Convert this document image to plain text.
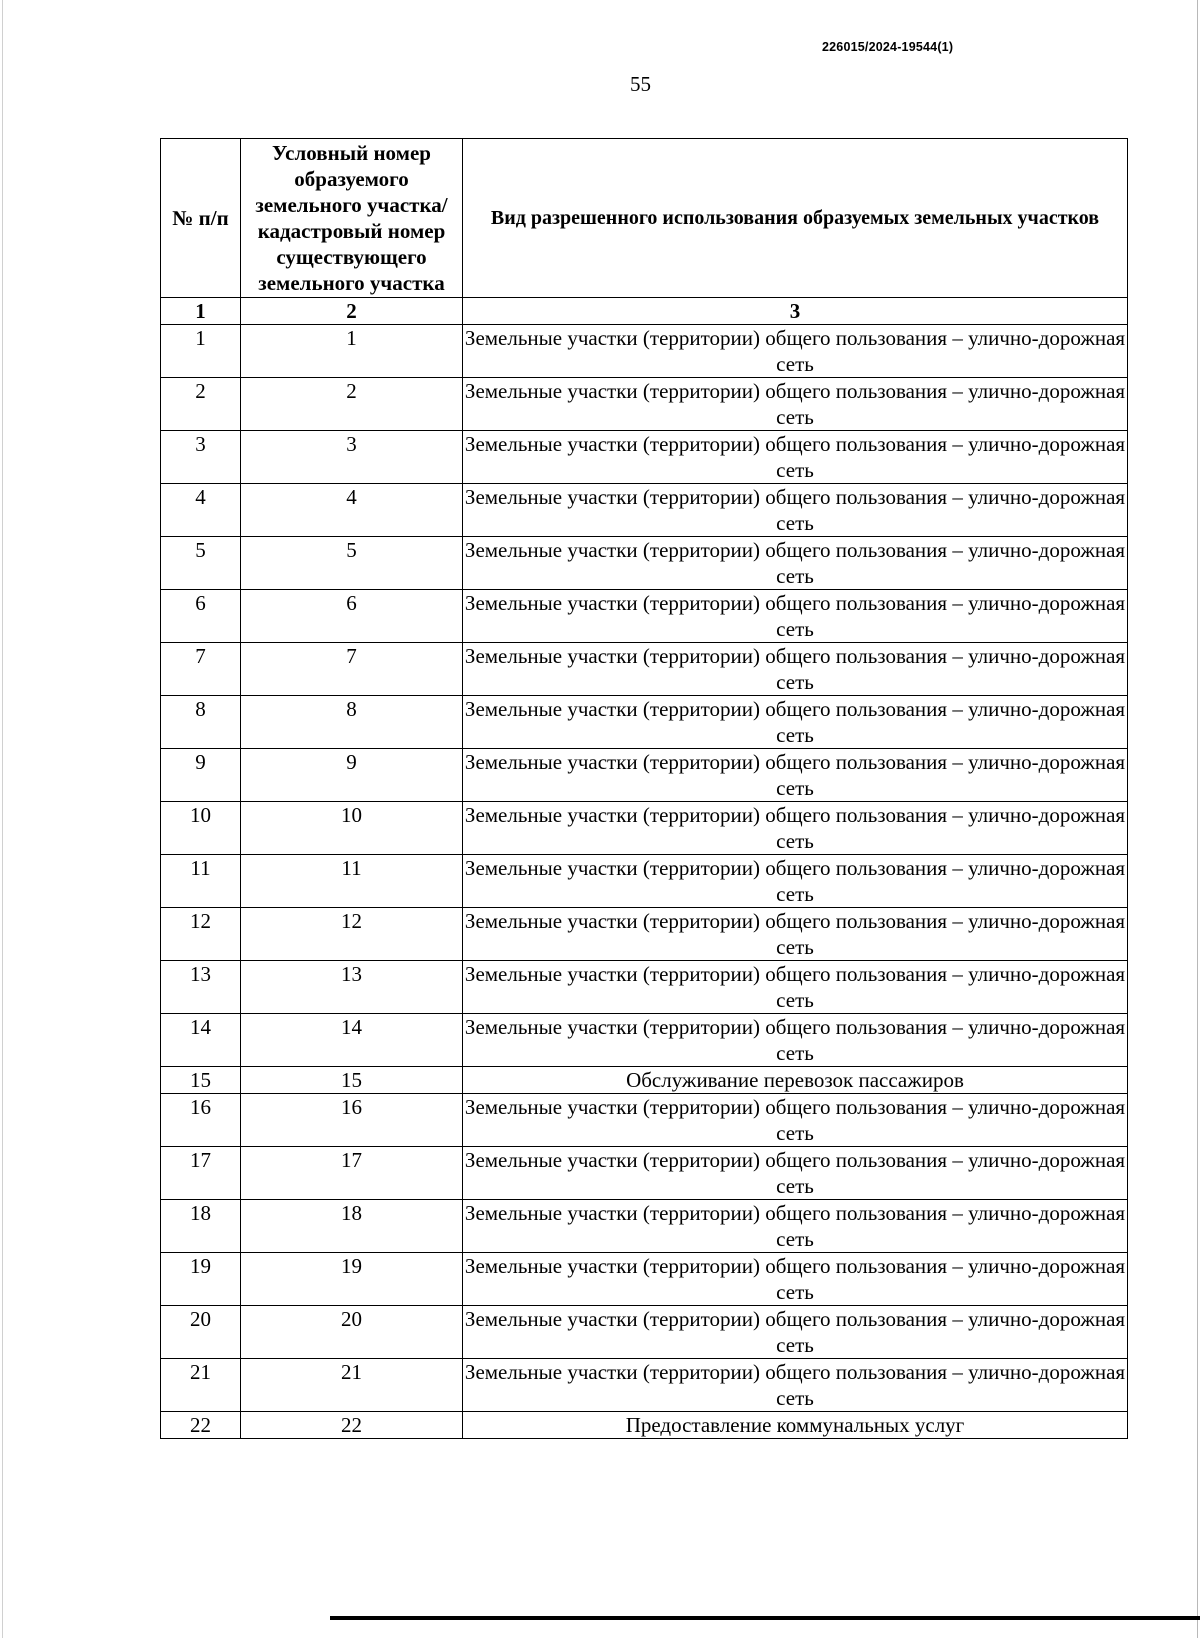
226015/2024-19544(1)
55
№ п/п	Условный номер образуемого земельного участка/ кадастровый номер существующего земельного участка	Вид разрешенного использования образуемых земельных участков
1	2	3
1	1	Земельные участки (территории) общего пользования – улично-дорожная сеть
2	2	Земельные участки (территории) общего пользования – улично-дорожная сеть
3	3	Земельные участки (территории) общего пользования – улично-дорожная сеть
4	4	Земельные участки (территории) общего пользования – улично-дорожная сеть
5	5	Земельные участки (территории) общего пользования – улично-дорожная сеть
6	6	Земельные участки (территории) общего пользования – улично-дорожная сеть
7	7	Земельные участки (территории) общего пользования – улично-дорожная сеть
8	8	Земельные участки (территории) общего пользования – улично-дорожная сеть
9	9	Земельные участки (территории) общего пользования – улично-дорожная сеть
10	10	Земельные участки (территории) общего пользования – улично-дорожная сеть
11	11	Земельные участки (территории) общего пользования – улично-дорожная сеть
12	12	Земельные участки (территории) общего пользования – улично-дорожная сеть
13	13	Земельные участки (территории) общего пользования – улично-дорожная сеть
14	14	Земельные участки (территории) общего пользования – улично-дорожная сеть
15	15	Обслуживание перевозок пассажиров
16	16	Земельные участки (территории) общего пользования – улично-дорожная сеть
17	17	Земельные участки (территории) общего пользования – улично-дорожная сеть
18	18	Земельные участки (территории) общего пользования – улично-дорожная сеть
19	19	Земельные участки (территории) общего пользования – улично-дорожная сеть
20	20	Земельные участки (территории) общего пользования – улично-дорожная сеть
21	21	Земельные участки (территории) общего пользования – улично-дорожная сеть
22	22	Предоставление коммунальных услуг
